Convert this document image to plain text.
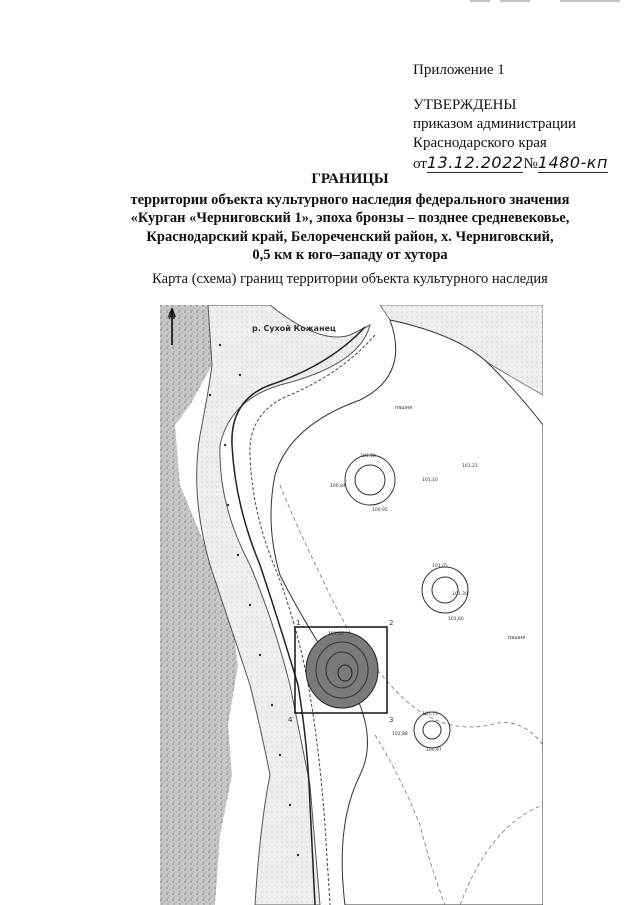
Приложение 1
УТВЕРЖДЕНЫ
приказом администрации
Краснодарского края
от13.12.2022№1480-кп
ГРАНИЦЫ
территории объекта культурного наследия федерального значения
«Курган «Черниговский 1», эпоха бронзы – позднее средневековье,
Краснодарский край, Белореченский район, х. Черниговский,
0,5 км к юго–западу от хутора
Карта (схема) границ территории объекта культурного наследия
N
р. Сухой Кожанец
пашня
пашня
1	2
3
4
101,18
100,84
100,95
101,10
101,21
101,05
101,50
101,30
101,60
101,88
101,75
100,97
